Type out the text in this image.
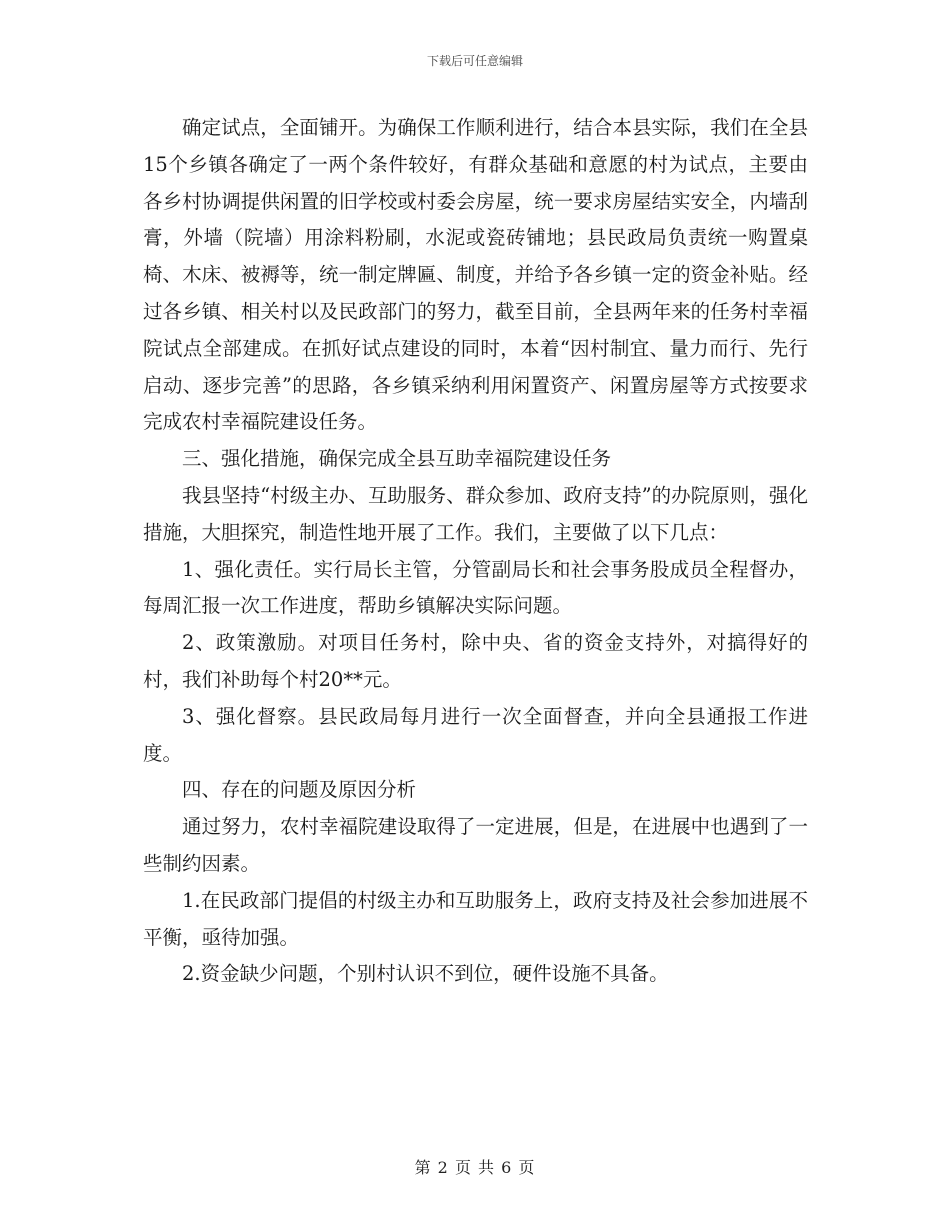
下载后可任意编辑

确定试点，全面铺开。为确保工作顺利进行，结合本县实际，我们在全县15个乡镇各确定了一两个条件较好，有群众基础和意愿的村为试点，主要由各乡村协调提供闲置的旧学校或村委会房屋，统一要求房屋结实安全，内墙刮膏，外墙（院墙）用涂料粉刷，水泥或瓷砖铺地；县民政局负责统一购置桌椅、木床、被褥等，统一制定牌匾、制度，并给予各乡镇一定的资金补贴。经过各乡镇、相关村以及民政部门的努力，截至目前，全县两年来的任务村幸福院试点全部建成。在抓好试点建设的同时，本着“因村制宜、量力而行、先行启动、逐步完善”的思路，各乡镇采纳利用闲置资产、闲置房屋等方式按要求完成农村幸福院建设任务。

三、强化措施，确保完成全县互助幸福院建设任务

我县坚持“村级主办、互助服务、群众参加、政府支持”的办院原则，强化措施，大胆探究，制造性地开展了工作。我们，主要做了以下几点：

1、强化责任。实行局长主管，分管副局长和社会事务股成员全程督办，每周汇报一次工作进度，帮助乡镇解决实际问题。

2、政策激励。对项目任务村，除中央、省的资金支持外，对搞得好的村，我们补助每个村20**元。

3、强化督察。县民政局每月进行一次全面督查，并向全县通报工作进度。

四、存在的问题及原因分析

通过努力，农村幸福院建设取得了一定进展，但是，在进展中也遇到了一些制约因素。

1.在民政部门提倡的村级主办和互助服务上，政府支持及社会参加进展不平衡，亟待加强。

2.资金缺少问题，个别村认识不到位，硬件设施不具备。

第 2 页 共 6 页
